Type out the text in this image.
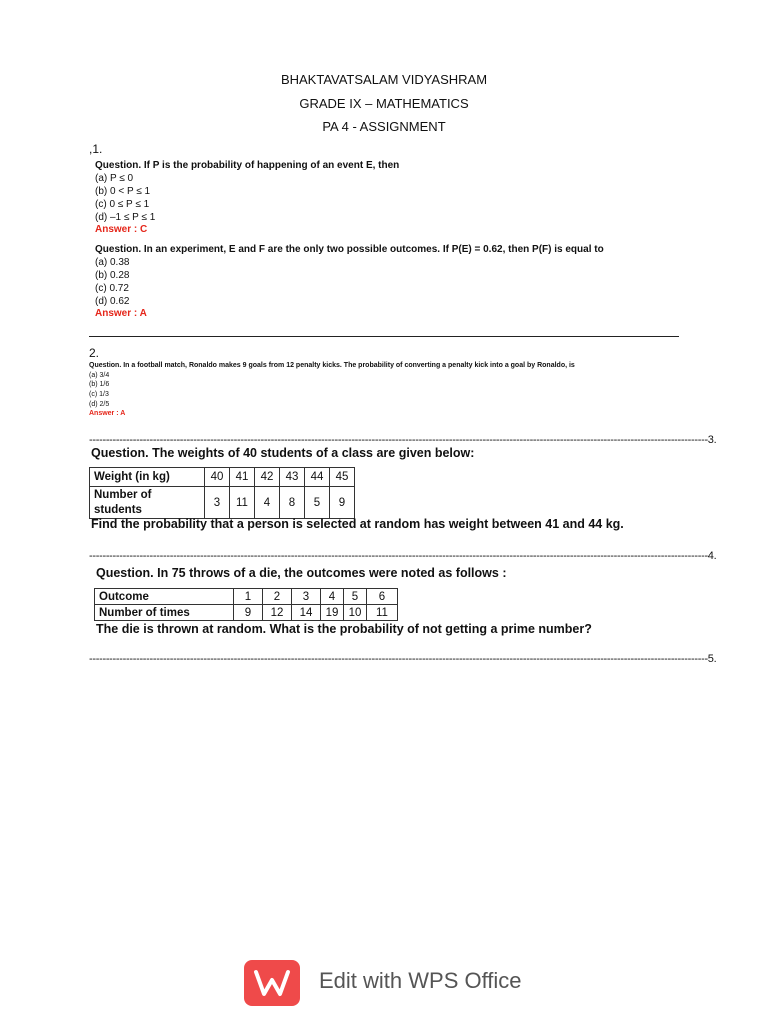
BHAKTAVATSALAM VIDYASHRAM
GRADE IX – MATHEMATICS
PA 4 - ASSIGNMENT
,1.
Question. If P is the probability of happening of an event E, then
(a) P ≤ 0
(b) 0 < P ≤ 1
(c) 0 ≤ P ≤ 1
(d) –1 ≤ P ≤ 1
Answer : C
Question. In an experiment, E and F are the only two possible outcomes. If P(E) = 0.62, then P(F) is equal to
(a) 0.38
(b) 0.28
(c) 0.72
(d) 0.62
Answer : A
2.
Question. In a football match, Ronaldo makes 9 goals from 12 penalty kicks. The probability of converting a penalty kick into a goal by Ronaldo, is
(a) 3/4
(b) 1/6
(c) 1/3
(d) 2/5
Answer : A
----------------------------------------------------------------------------------------------------------------------------------------------------------------------------------------3.
Question. The weights of 40 students of a class are given below:
Weight (in kg)	40	41	42	43	44	45
Number of
students	3	11	4	8	5	9
Find the probability that a person is selected at random has weight between 41 and 44 kg.
----------------------------------------------------------------------------------------------------------------------------------------------------------------------------------------4.
Question. In 75 throws of a die, the outcomes were noted as follows :
Outcome	1	2	3	4	5	6
Number of times	9	12	14	19	10	11
The die is thrown at random. What is the probability of not getting a prime number?
----------------------------------------------------------------------------------------------------------------------------------------------------------------------------------------5.
Edit with WPS Office
